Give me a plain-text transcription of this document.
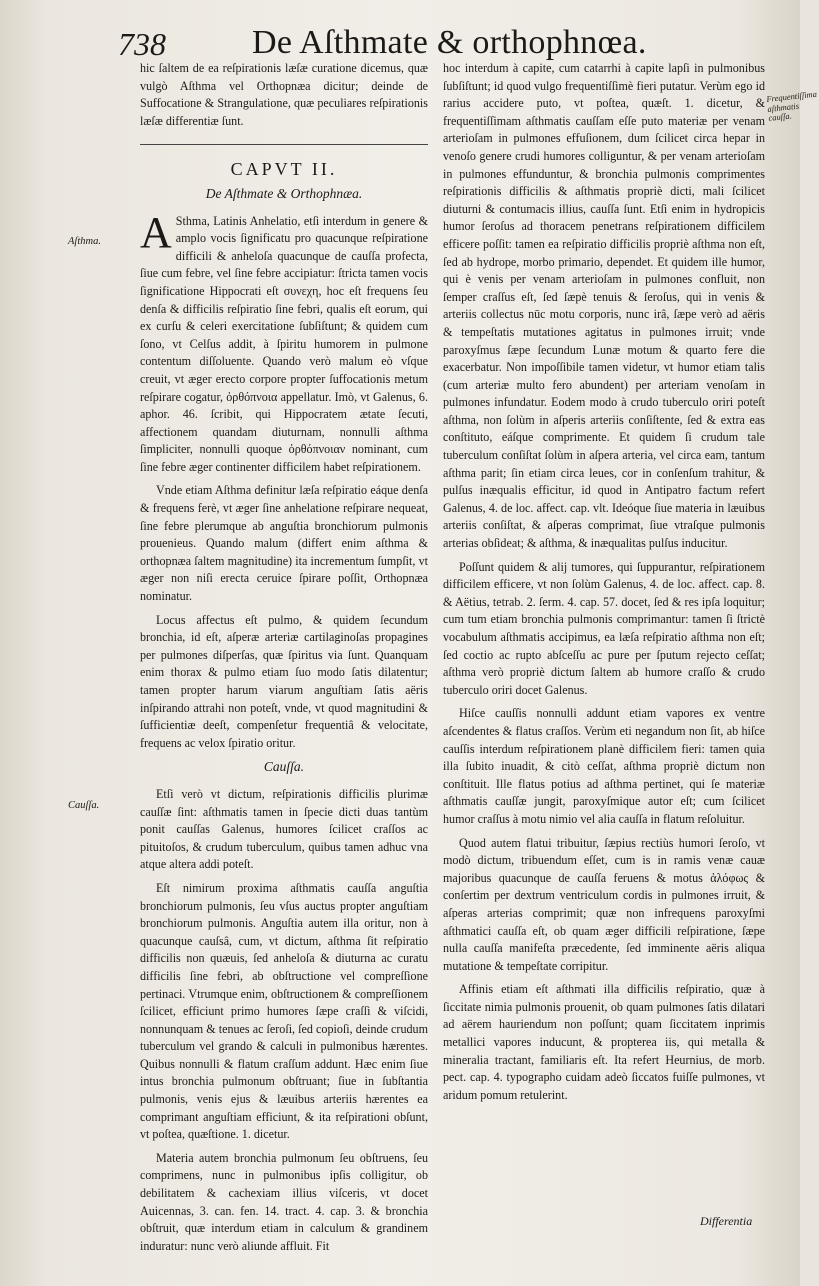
738	De Aſthmate & orthophnœa.
Aſthma.
Cauſſa.
Frequentiſſima aſthmatis cauſſa.

hic ſaltem de ea reſpirationis læſæ curatione dicemus, quæ vulgò Aſthma vel Orthopnæa dicitur; deinde de Suffocatione & Strangulatione, quæ peculiares reſpirationis læſæ differentiæ ſunt.

CAPVT II.
De Aſthmate & Orthophnæa.

A Sthma, Latinis Anhelatio, etſi interdum in genere & amplo vocis ſignificatu pro quacunque reſpiratione difficili & anheloſa quacunque de cauſſa profecta, ſiue cum febre, vel ſine febre accipiatur: ſtricta tamen vocis ſignificatione Hippocrati eſt συνεχη, hoc eſt frequens ſeu denſa & difficilis reſpiratio ſine febri, qualis eſt eorum, qui ex curſu & celeri exercitatione ſubſiſtunt; & quidem cum ſono, vt Celſus addit, à ſpiritu humorem in pulmone contentum diſſoluente. Quando verò malum eò vſque creuit, vt æger erecto corpore propter ſuffocationis metum reſpirare cogatur, ὀρθόπνοια appellatur. Imò, vt Galenus, 6. aphor. 46. ſcribit, qui Hippocratem ætate ſecuti, affectionem quandam diuturnam, nonnulli aſthma ſimpliciter, nonnulli quoque ὀρθόπνοιαν nominant, cum ſine febre æger continenter difficilem habet reſpirationem.

Vnde etiam Aſthma definitur læſa reſpiratio eáque denſa & frequens ferè, vt æger ſine anhelatione reſpirare nequeat, ſine febre plerumque ab anguſtia bronchiorum pulmonis prouenieus. Quando malum (differt enim aſthma & orthopnæa ſaltem magnitudine) ita incrementum ſumpſit, vt æger non niſi erecta ceruice ſpirare poſſit, Orthopnæa nominatur.

Locus affectus eſt pulmo, & quidem ſecundum bronchia, id eſt, aſperæ arteriæ cartilaginoſas propagines per pulmones diſperſas, quæ ſpiritus via ſunt. Quanquam enim thorax & pulmo etiam ſuo modo ſatis dilatentur; tamen propter harum viarum anguſtiam ſatis aëris inſpirando attrahi non poteſt, vnde, vt quod magnitudini & ſufficientiæ deeſt, compenſetur frequentiâ & velocitate, frequens ac velox ſpiratio oritur.

Cauſſa.

Etſi verò vt dictum, reſpirationis difficilis plurimæ cauſſæ ſint: aſthmatis tamen in ſpecie dicti duas tantùm ponit cauſſas Galenus, humores ſcilicet craſſos ac pituitoſos, & crudum tuberculum, quibus tamen adhuc vna atque altera addi poteſt.

Eſt nimirum proxima aſthmatis cauſſa anguſtia bronchiorum pulmonis, ſeu vſus auctus propter anguſtiam bronchiorum pulmonis. Anguſtia autem illa oritur, non à quacunque cauſsâ, cum, vt dictum, aſthma ſit reſpiratio difficilis non quæuis, ſed anheloſa & diuturna ac curatu difficilis ſine febri, ab obſtructione vel compreſſione pertinaci. Vtrumque enim, obſtructionem & compreſſionem ſcilicet, efficiunt primo humores ſæpe craſſi & viſcidi, nonnunquam & tenues ac ſeroſi, ſed copioſi, deinde crudum tuberculum vel grando & calculi in pulmonibus hærentes. Quibus nonnulli & flatum craſſum addunt. Hæc enim ſiue intus bronchia pulmonum obſtruant; ſiue in ſubſtantia pulmonis, venis ejus & læuibus arteriis hærentes ea comprimant anguſtiam efficiunt, & ita reſpirationi obſunt, vt poſtea, quæſtione. 1. dicetur.

Materia autem bronchia pulmonum ſeu obſtruens, ſeu comprimens, nunc in pulmonibus ipſis colligitur, ob debilitatem & cachexiam illius viſceris, vt docet Auicennas, 3. can. fen. 14. tract. 4. cap. 3. & bronchia obſtruit, quæ interdum etiam in calculum & grandinem induratur: nunc verò aliunde affluit. Fit

hoc interdum à capite, cum catarrhi à capite lapſi in pulmonibus ſubſiſtunt; id quod vulgo frequentiſſimè fieri putatur. Verùm ego id rarius accidere puto, vt poſtea, quæſt. 1. dicetur, & frequentiſſimam aſthmatis cauſſam eſſe puto materiæ per venam arterioſam in pulmones effuſionem, dum ſcilicet circa hepar in venoſo genere crudi humores colliguntur, & per venam arterioſam in pulmones effunduntur, & bronchia pulmonis comprimentes reſpirationis difficilis & aſthmatis propriè dicti, mali ſcilicet diuturni & contumacis illius, cauſſa ſunt. Etſi enim in hydropicis humor ſeroſus ad thoracem penetrans reſpirationem difficilem efficere poſſit: tamen ea reſpiratio difficilis propriè aſthma non eſt, ſed ab hydrope, morbo primario, dependet. Et quidem ille humor, qui è venis per venam arterioſam in pulmones confluit, non ſemper craſſus eſt, ſed ſæpè tenuis & ſeroſus, qui in venis & arteriis collectus nūc motu corporis, nunc irâ, ſæpe verò ad aëris & tempeſtatis mutationes agitatus in pulmones irruit; vnde paroxyſmus ſæpe ſecundum Lunæ motum & quarto fere die exacerbatur. Non impoſſibile tamen videtur, vt humor etiam talis (cum arteriæ multo fero abundent) per arteriam venoſam in pulmones infundatur. Eodem modo à crudo tuberculo oriri poteſt aſthma, non ſolùm in aſperis arteriis conſiſtente, ſed & extra eas conſtituto, eáſque comprimente. Et quidem ſi crudum tale tuberculum conſiſtat ſolùm in aſpera arteria, vel circa eam, tantum aſthma parit; ſin etiam circa leues, cor in conſenſum trahitur, & pulſus inæqualis efficitur, id quod in Antipatro factum refert Galenus, 4. de loc. affect. cap. vlt. Ideóque ſiue materia in læuibus arteriis conſiſtat, & aſperas comprimat, ſiue vtraſque pulmonis arterias obſideat; & aſthma, & inæqualitas pulſus inducitur.

Poſſunt quidem & alij tumores, qui ſuppurantur, reſpirationem difficilem efficere, vt non ſolùm Galenus, 4. de loc. affect. cap. 8. & Aëtius, tetrab. 2. ſerm. 4. cap. 57. docet, ſed & res ipſa loquitur; cum tum etiam bronchia pulmonis comprimantur: tamen ſi ſtrictè vocabulum aſthmatis accipimus, ea læſa reſpiratio aſthma non eſt; ſed coctio ac rupto abſceſſu ac pure per ſputum rejecto ceſſat; aſthma verò propriè dictum ſaltem ab humore craſſo & crudo tuberculo oriri docet Galenus.

Hiſce cauſſis nonnulli addunt etiam vapores ex ventre aſcendentes & flatus craſſos. Verùm eti negandum non ſit, ab hiſce cauſſis interdum reſpirationem planè difficilem fieri: tamen quia illa ſubito inuadit, & citò ceſſat, aſthma propriè dictum non conſtituit. Ille flatus potius ad aſthma pertinet, qui ſe materiæ aſthmatis cauſſæ jungit, paroxyſmique autor eſt; cum ſcilicet humor craſſus à motu nimio vel alia cauſſa in flatum reſoluitur.

Quod autem flatui tribuitur, ſæpius rectiùs humori ſeroſo, vt modò dictum, tribuendum eſſet, cum is in ramis venæ cauæ majoribus quacunque de cauſſa feruens & motus ἀλόφως & conſertim per dextrum ventriculum cordis in pulmones irruit, & aſperas arterias comprimit; quæ non infrequens paroxyſmi aſthmatici cauſſa eſt, ob quam æger difficili reſpiratione, ſæpe nulla cauſſa manifeſta præcedente, ſed imminente aëris aliqua mutatione & tempeſtate corripitur.

Affinis etiam eſt aſthmati illa difficilis reſpiratio, quæ à ſiccitate nimia pulmonis prouenit, ob quam pulmones ſatis dilatari ad aërem hauriendum non poſſunt; quam ſiccitatem inprimis metallici vapores inducunt, & propterea iis, qui metalla & mineralia tractant, familiaris eſt. Ita refert Heurnius, de morb. pect. cap. 4. typographo cuidam adeò ſiccatos fuiſſe pulmones, vt aridum pomum retulerint.

Differentia
